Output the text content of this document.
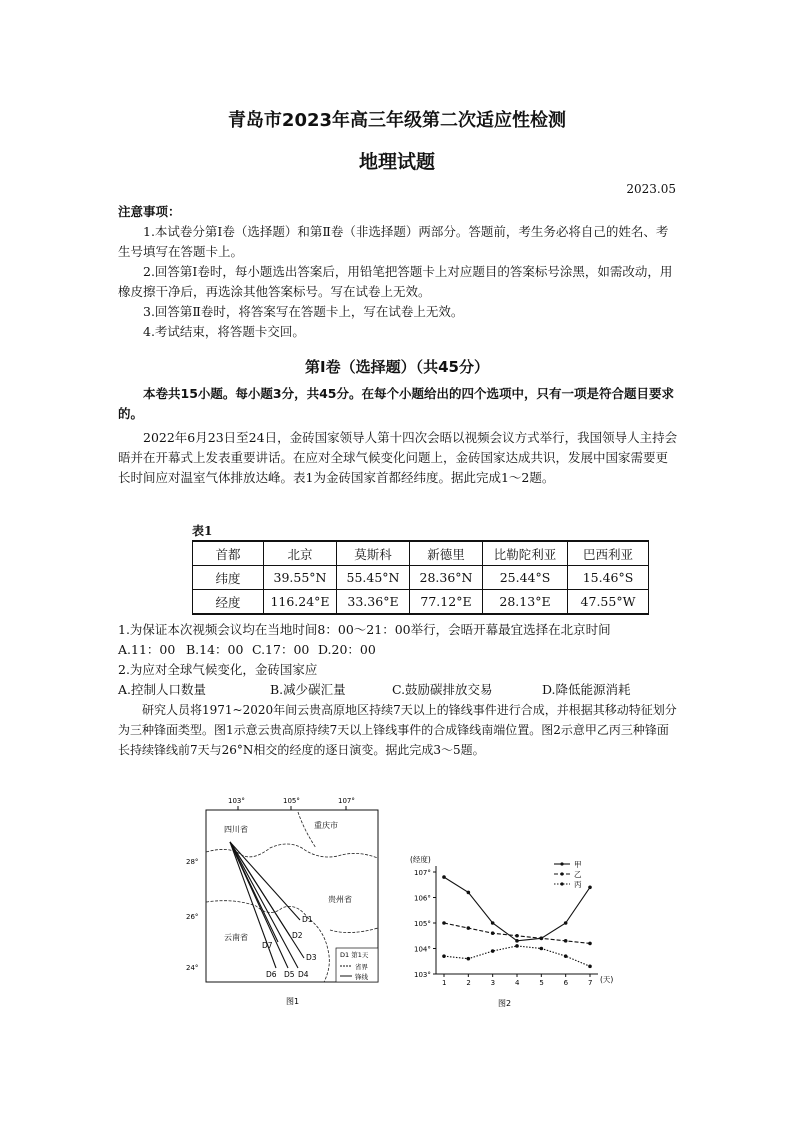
青岛市2023年高三年级第二次适应性检测
地理试题
2023.05
注意事项：
1.本试卷分第Ⅰ卷（选择题）和第Ⅱ卷（非选择题）两部分。答题前，考生务必将自己的姓名、考生号填写在答题卡上。
2.回答第Ⅰ卷时，每小题选出答案后，用铅笔把答题卡上对应题目的答案标号涂黑，如需改动，用橡皮擦干净后，再选涂其他答案标号。写在试卷上无效。
3.回答第Ⅱ卷时，将答案写在答题卡上，写在试卷上无效。
4.考试结束，将答题卡交回。
第Ⅰ卷（选择题）（共45分）
本卷共15小题。每小题3分，共45分。在每个小题给出的四个选项中，只有一项是符合题目要求的。
2022年6月23日至24日，金砖国家领导人第十四次会晤以视频会议方式举行，我国领导人主持会晤并在开幕式上发表重要讲话。在应对全球气候变化问题上，金砖国家达成共识，发展中国家需要更长时间应对温室气体排放达峰。表1为金砖国家首都经纬度。据此完成1～2题。
表1
首都	北京	莫斯科	新德里	比勒陀利亚	巴西利亚
纬度	39.55°N	55.45°N	28.36°N	25.44°S	15.46°S
经度	116.24°E	33.36°E	77.12°E	28.13°E	47.55°W
1.为保证本次视频会议均在当地时间8：00～21：00举行，会晤开幕最宜选择在北京时间
A.11：00 B.14：00 C.17：00 D.20：00
2.为应对全球气候变化，金砖国家应
A.控制人口数量	B.减少碳汇量	C.鼓励碳排放交易	D.降低能源消耗
研究人员将1971~2020年间云贵高原地区持续7天以上的锋线事件进行合成，并根据其移动特征划分为三种锋面类型。图1示意云贵高原持续7天以上锋线事件的合成锋线南端位置。图2示意甲乙丙三种锋面长持续锋线前7天与26°N相交的经度的逐日演变。据此完成3～5题。
103°	105°	107°
28°
26°
24°
四川省	重庆市
贵州省
云南省
D1
D2
D3
D4
D5
D6
D7
D1 第1天
省界
锋线
图1
(经度)
(天)
图2
103°
104°
105°
106°
107°
1	2	3	4	5	6	7
甲
乙
丙
